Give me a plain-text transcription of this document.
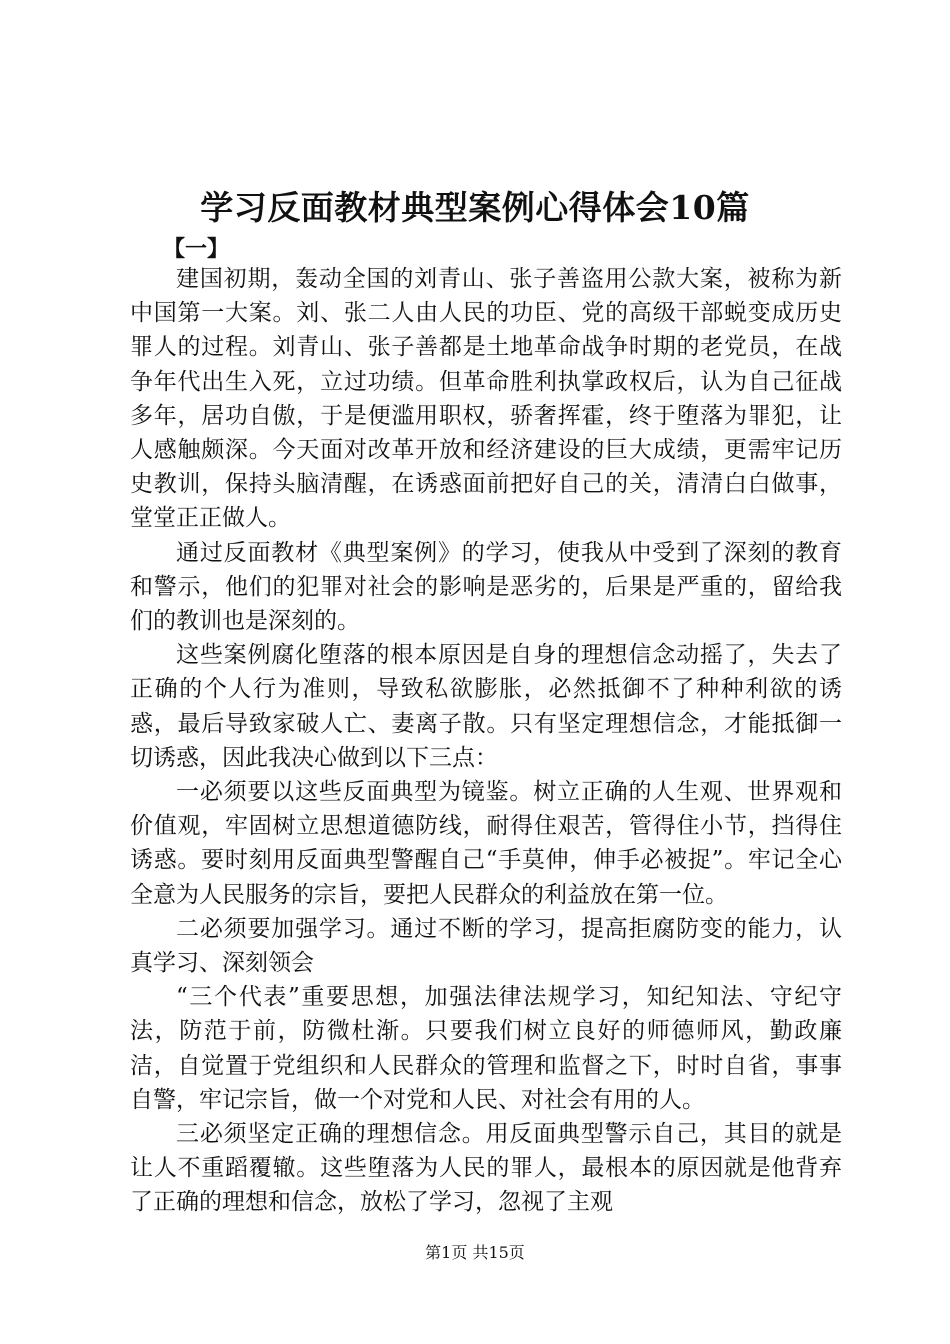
学习反面教材典型案例心得体会10篇
【一】

建国初期，轰动全国的刘青山、张子善盗用公款大案，被称为新中国第一大案。刘、张二人由人民的功臣、党的高级干部蜕变成历史罪人的过程。刘青山、张子善都是土地革命战争时期的老党员，在战争年代出生入死，立过功绩。但革命胜利执掌政权后，认为自己征战多年，居功自傲，于是便滥用职权，骄奢挥霍，终于堕落为罪犯，让人感触颇深。今天面对改革开放和经济建设的巨大成绩，更需牢记历史教训，保持头脑清醒，在诱惑面前把好自己的关，清清白白做事，堂堂正正做人。

通过反面教材《典型案例》的学习，使我从中受到了深刻的教育和警示，他们的犯罪对社会的影响是恶劣的，后果是严重的，留给我们的教训也是深刻的。

这些案例腐化堕落的根本原因是自身的理想信念动摇了，失去了正确的个人行为准则，导致私欲膨胀，必然抵御不了种种利欲的诱惑，最后导致家破人亡、妻离子散。只有坚定理想信念，才能抵御一切诱惑，因此我决心做到以下三点：

一必须要以这些反面典型为镜鉴。树立正确的人生观、世界观和价值观，牢固树立思想道德防线，耐得住艰苦，管得住小节，挡得住诱惑。要时刻用反面典型警醒自己“手莫伸，伸手必被捉”。牢记全心全意为人民服务的宗旨，要把人民群众的利益放在第一位。

二必须要加强学习。通过不断的学习，提高拒腐防变的能力，认真学习、深刻领会

“三个代表”重要思想，加强法律法规学习，知纪知法、守纪守法，防范于前，防微杜渐。只要我们树立良好的师德师风，勤政廉洁，自觉置于党组织和人民群众的管理和监督之下，时时自省，事事自警，牢记宗旨，做一个对党和人民、对社会有用的人。

三必须坚定正确的理想信念。用反面典型警示自己，其目的就是让人不重蹈覆辙。这些堕落为人民的罪人，最根本的原因就是他背弃了正确的理想和信念，放松了学习，忽视了主观

第1页 共15页
